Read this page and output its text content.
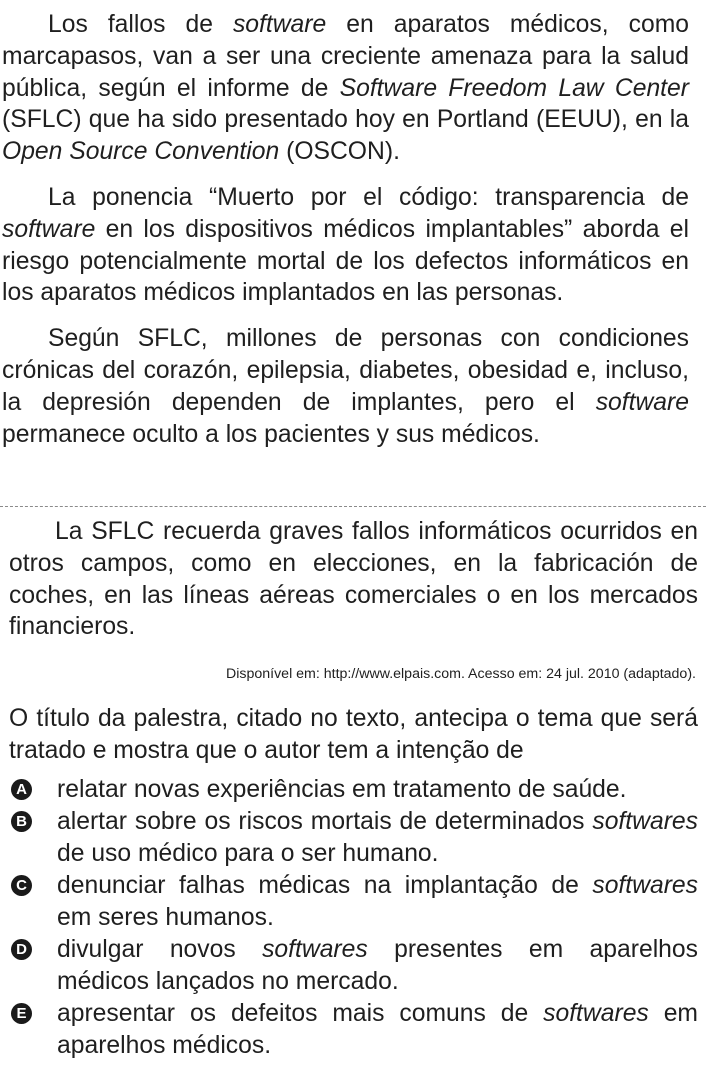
Los fallos de software en aparatos médicos, como marcapasos, van a ser una creciente amenaza para la salud pública, según el informe de Software Freedom Law Center (SFLC) que ha sido presentado hoy en Portland (EEUU), en la Open Source Convention (OSCON).

La ponencia “Muerto por el código: transparencia de software en los dispositivos médicos implantables” aborda el riesgo potencialmente mortal de los defectos informáticos en los aparatos médicos implantados en las personas.

Según SFLC, millones de personas con condiciones crónicas del corazón, epilepsia, diabetes, obesidad e, incluso, la depresión dependen de implantes, pero el software permanece oculto a los pacientes y sus médicos.

La SFLC recuerda graves fallos informáticos ocurridos en otros campos, como en elecciones, en la fabricación de coches, en las líneas aéreas comerciales o en los mercados financieros.

Disponível em: http://www.elpais.com. Acesso em: 24 jul. 2010 (adaptado).

O título da palestra, citado no texto, antecipa o tema que será tratado e mostra que o autor tem a intenção de

A relatar novas experiências em tratamento de saúde.
B alertar sobre os riscos mortais de determinados softwares de uso médico para o ser humano.
C denunciar falhas médicas na implantação de softwares em seres humanos.
D divulgar novos softwares presentes em aparelhos médicos lançados no mercado.
E apresentar os defeitos mais comuns de softwares em aparelhos médicos.
